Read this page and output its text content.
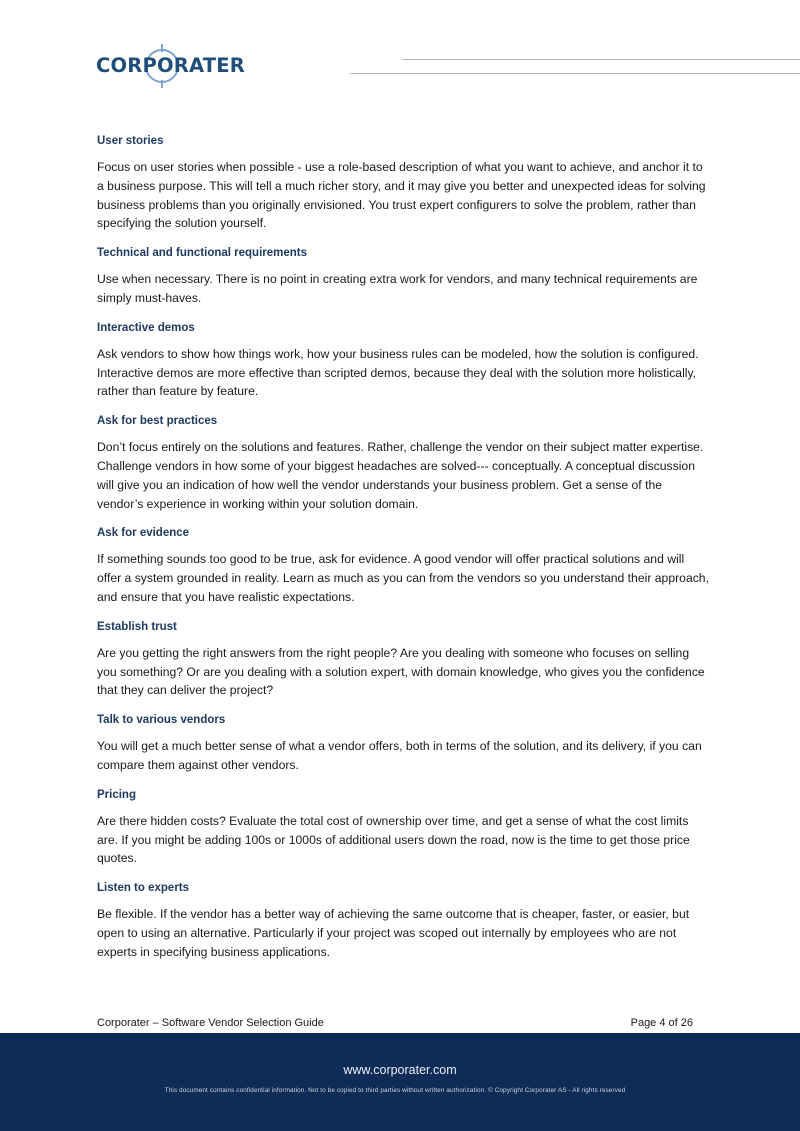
CORPORATER
User stories

Focus on user stories when possible - use a role-based description of what you want to achieve, and anchor it to a business purpose. This will tell a much richer story, and it may give you better and unexpected ideas for solving business problems than you originally envisioned. You trust expert configurers to solve the problem, rather than specifying the solution yourself.

Technical and functional requirements

Use when necessary. There is no point in creating extra work for vendors, and many technical requirements are simply must-haves.

Interactive demos

Ask vendors to show how things work, how your business rules can be modeled, how the solution is configured. Interactive demos are more effective than scripted demos, because they deal with the solution more holistically, rather than feature by feature.

Ask for best practices

Don’t focus entirely on the solutions and features. Rather, challenge the vendor on their subject matter expertise. Challenge vendors in how some of your biggest headaches are solved--- conceptually. A conceptual discussion will give you an indication of how well the vendor understands your business problem. Get a sense of the vendor’s experience in working within your solution domain.

Ask for evidence

If something sounds too good to be true, ask for evidence. A good vendor will offer practical solutions and will offer a system grounded in reality. Learn as much as you can from the vendors so you understand their approach, and ensure that you have realistic expectations.

Establish trust

Are you getting the right answers from the right people? Are you dealing with someone who focuses on selling you something? Or are you dealing with a solution expert, with domain knowledge, who gives you the confidence that they can deliver the project?

Talk to various vendors

You will get a much better sense of what a vendor offers, both in terms of the solution, and its delivery, if you can compare them against other vendors.

Pricing

Are there hidden costs? Evaluate the total cost of ownership over time, and get a sense of what the cost limits are. If you might be adding 100s or 1000s of additional users down the road, now is the time to get those price quotes.

Listen to experts

Be flexible. If the vendor has a better way of achieving the same outcome that is cheaper, faster, or easier, but open to using an alternative. Particularly if your project was scoped out internally by employees who are not experts in specifying business applications.

Corporater – Software Vendor Selection Guide	Page 4 of 26
www.corporater.com
This document contains confidential information. Not to be copied to third parties without written authorization. © Copyright Corporater AS - All rights reserved
